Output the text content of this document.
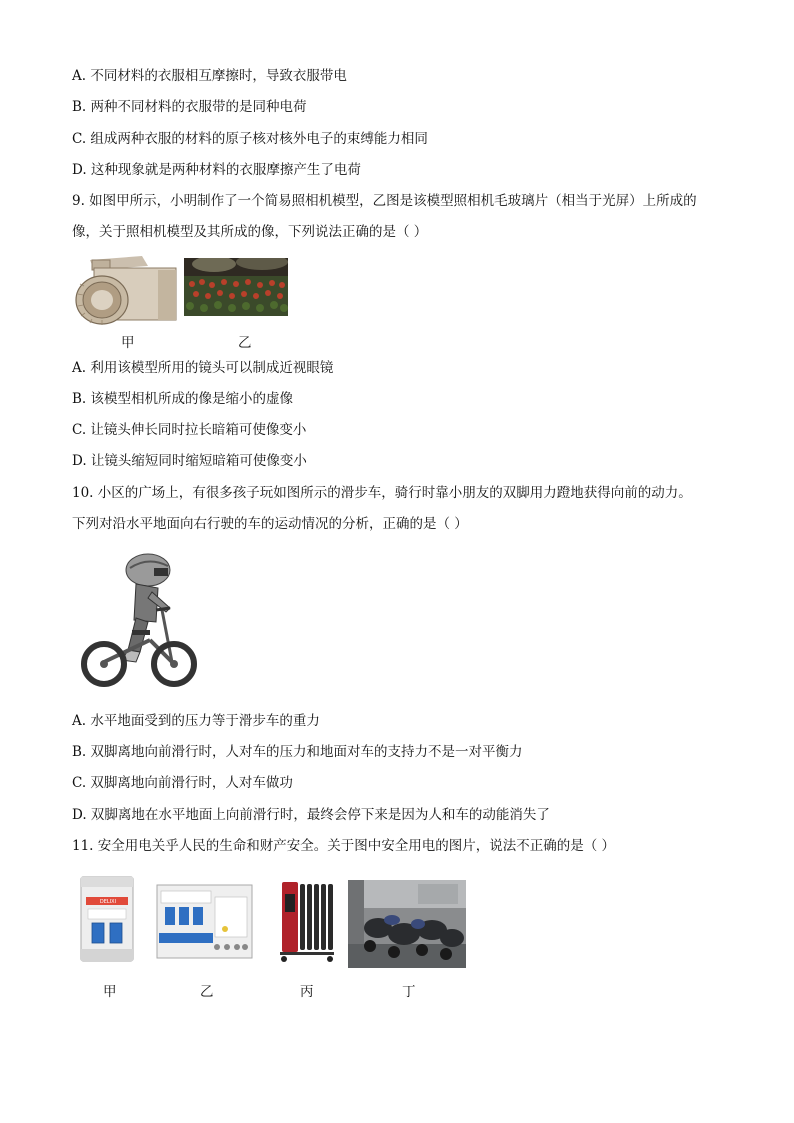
A. 不同材料的衣服相互摩擦时，导致衣服带电
B. 两种不同材料的衣服带的是同种电荷
C. 组成两种衣服的材料的原子核对核外电子的束缚能力相同
D. 这种现象就是两种材料的衣服摩擦产生了电荷
9. 如图甲所示，小明制作了一个简易照相机模型，乙图是该模型照相机毛玻璃片（相当于光屏）上所成的
像，关于照相机模型及其所成的像，下列说法正确的是（ ）
甲	乙
A. 利用该模型所用的镜头可以制成近视眼镜
B. 该模型相机所成的像是缩小的虚像
C. 让镜头伸长同时拉长暗箱可使像变小
D. 让镜头缩短同时缩短暗箱可使像变小
10. 小区的广场上，有很多孩子玩如图所示的滑步车，骑行时靠小朋友的双脚用力蹬地获得向前的动力。
下列对沿水平地面向右行驶的车的运动情况的分析，正确的是（ ）
A. 水平地面受到的压力等于滑步车的重力
B. 双脚离地向前滑行时，人对车的压力和地面对车的支持力不是一对平衡力
C. 双脚离地向前滑行时，人对车做功
D. 双脚离地在水平地面上向前滑行时，最终会停下来是因为人和车的动能消失了
11. 安全用电关乎人民的生命和财产安全。关于图中安全用电的图片，说法不正确的是（ ）
DELIXI
甲	乙	丙	丁
